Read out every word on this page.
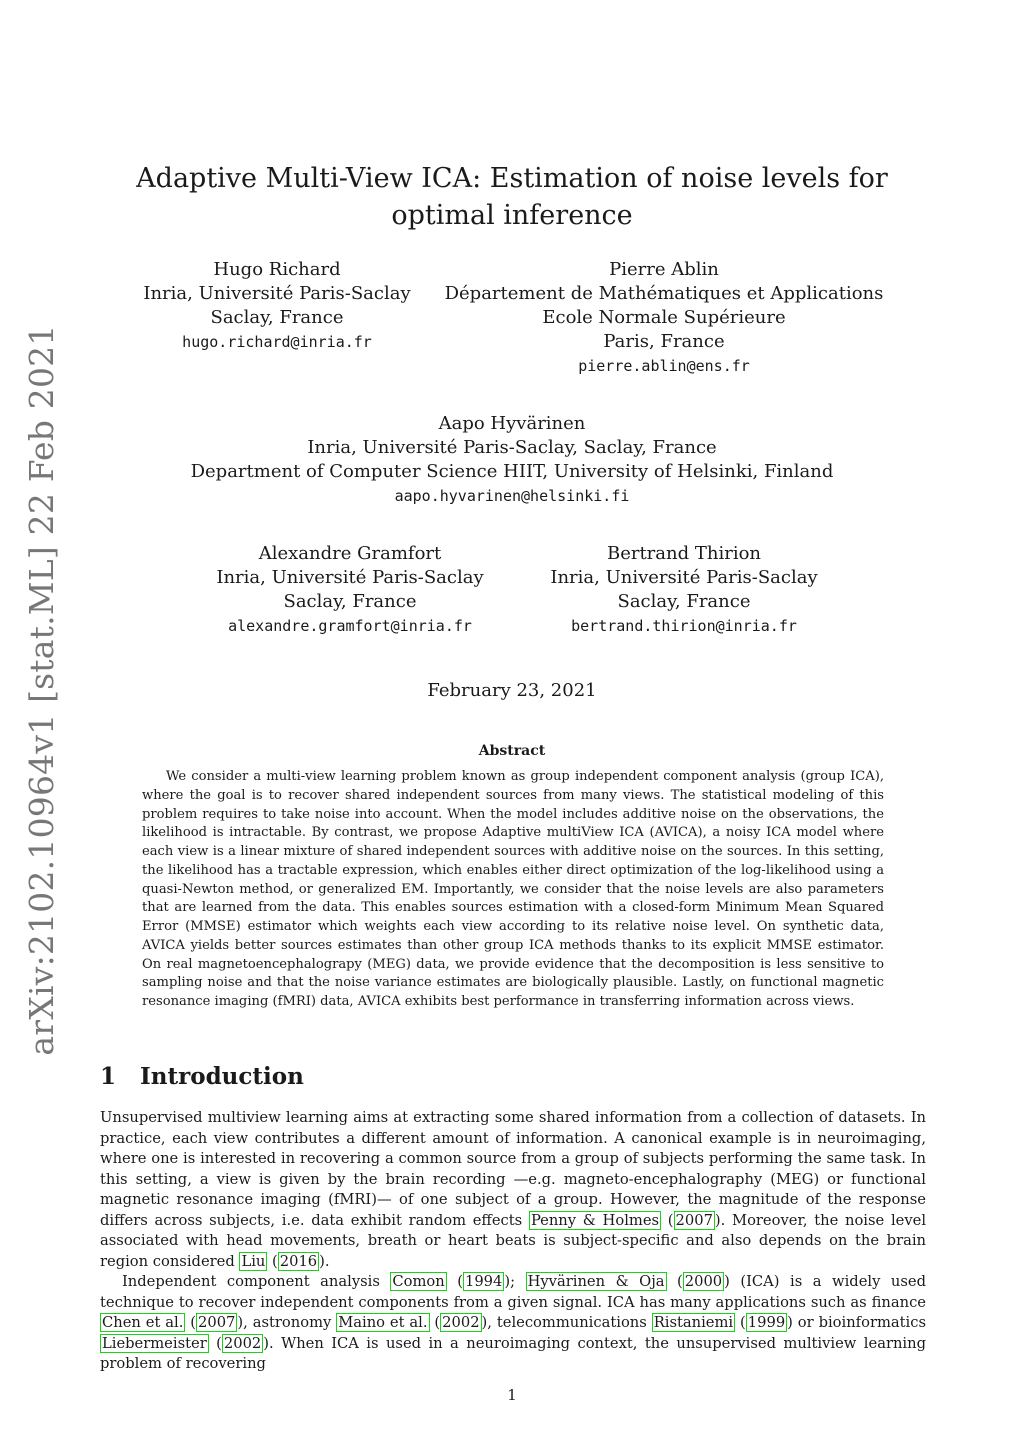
arXiv:2102.10964v1 [stat.ML] 22 Feb 2021
Adaptive Multi-View ICA: Estimation of noise levels for optimal inference
Hugo Richard
Inria, Université Paris-Saclay
Saclay, France
hugo.richard@inria.fr
Pierre Ablin
Département de Mathématiques et Applications
Ecole Normale Supérieure
Paris, France
pierre.ablin@ens.fr
Aapo Hyvärinen
Inria, Université Paris-Saclay, Saclay, France
Department of Computer Science HIIT, University of Helsinki, Finland
aapo.hyvarinen@helsinki.fi
Alexandre Gramfort
Inria, Université Paris-Saclay
Saclay, France
alexandre.gramfort@inria.fr
Bertrand Thirion
Inria, Université Paris-Saclay
Saclay, France
bertrand.thirion@inria.fr
February 23, 2021
Abstract

We consider a multi-view learning problem known as group independent component analysis (group ICA), where the goal is to recover shared independent sources from many views. The statistical modeling of this problem requires to take noise into account. When the model includes additive noise on the observations, the likelihood is intractable. By contrast, we propose Adaptive multiView ICA (AVICA), a noisy ICA model where each view is a linear mixture of shared independent sources with additive noise on the sources. In this setting, the likelihood has a tractable expression, which enables either direct optimization of the log-likelihood using a quasi-Newton method, or generalized EM. Importantly, we consider that the noise levels are also parameters that are learned from the data. This enables sources estimation with a closed-form Minimum Mean Squared Error (MMSE) estimator which weights each view according to its relative noise level. On synthetic data, AVICA yields better sources estimates than other group ICA methods thanks to its explicit MMSE estimator. On real magnetoencephalograpy (MEG) data, we provide evidence that the decomposition is less sensitive to sampling noise and that the noise variance estimates are biologically plausible. Lastly, on functional magnetic resonance imaging (fMRI) data, AVICA exhibits best performance in transferring information across views.

1 Introduction

Unsupervised multiview learning aims at extracting some shared information from a collection of datasets. In practice, each view contributes a different amount of information. A canonical example is in neuroimaging, where one is interested in recovering a common source from a group of subjects performing the same task. In this setting, a view is given by the brain recording —e.g. magneto-encephalography (MEG) or functional magnetic resonance imaging (fMRI)— of one subject of a group. However, the magnitude of the response differs across subjects, i.e. data exhibit random effects Penny & Holmes ( 2007 ). Moreover, the noise level associated with head movements, breath or heart beats is subject-specific and also depends on the brain region considered Liu ( 2016 ).

Independent component analysis Comon ( 1994 ); Hyvärinen & Oja ( 2000 ) (ICA) is a widely used technique to recover independent components from a given signal. ICA has many applications such as finance Chen et al. ( 2007 ), astronomy Maino et al. ( 2002 ), telecommunications Ristaniemi ( 1999 ) or bioinformatics Liebermeister ( 2002 ). When ICA is used in a neuroimaging context, the unsupervised multiview learning problem of recovering

1
